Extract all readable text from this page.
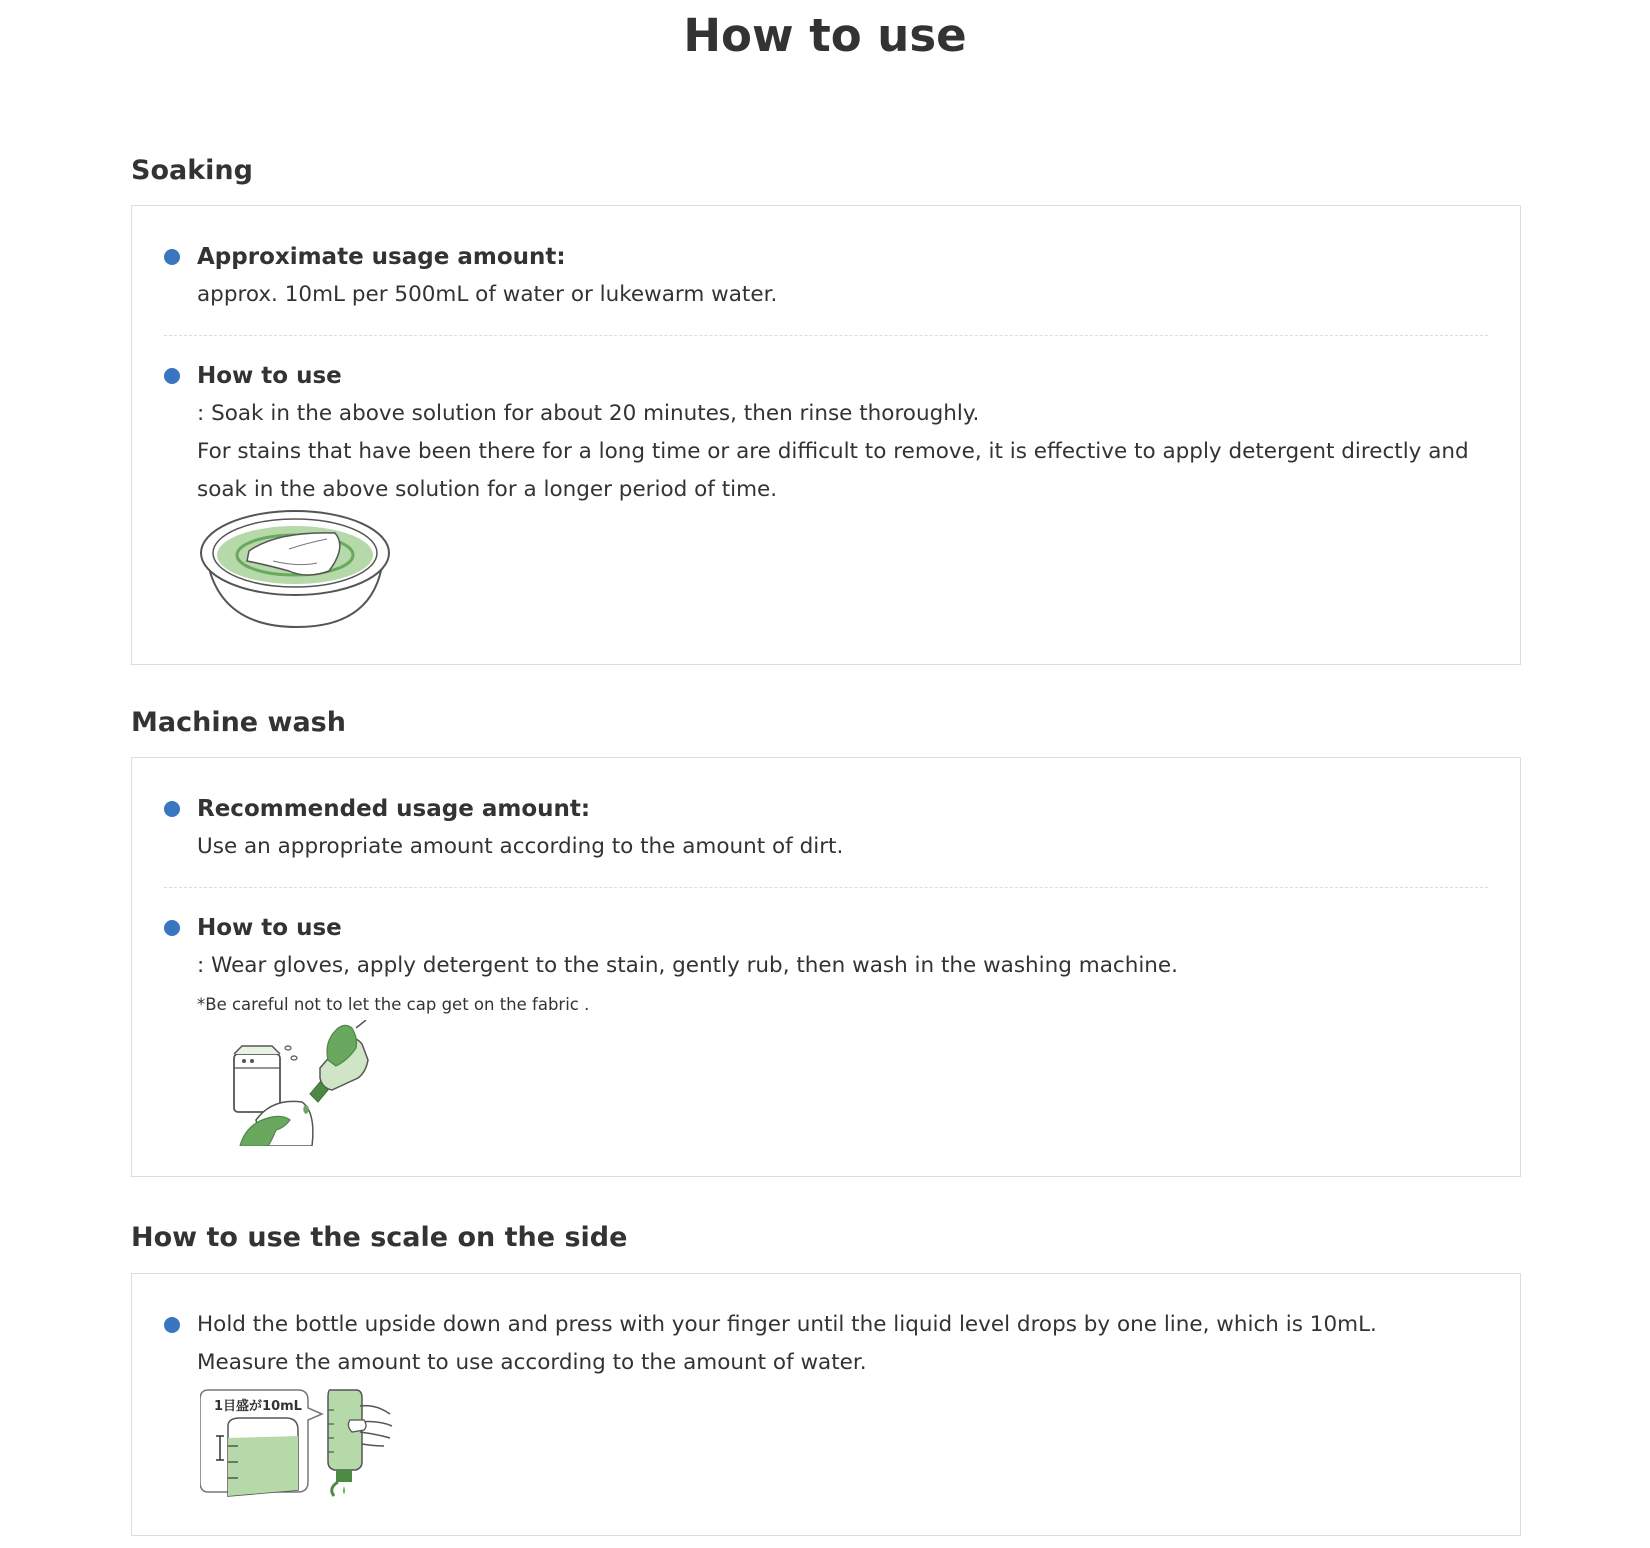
How to use
Soaking
Approximate usage amount:
approx. 10mL per 500mL of water or lukewarm water.
How to use
: Soak in the above solution for about 20 minutes, then rinse thoroughly.
For stains that have been there for a long time or are difficult to remove, it is effective to apply detergent directly and
soak in the above solution for a longer period of time.
Machine wash
Recommended usage amount:
Use an appropriate amount according to the amount of dirt.
How to use
: Wear gloves, apply detergent to the stain, gently rub, then wash in the washing machine.
*Be careful not to let the cap get on the fabric .
How to use the scale on the side
Hold the bottle upside down and press with your finger until the liquid level drops by one line, which is 10mL.
Measure the amount to use according to the amount of water.
1目盛が10mL
